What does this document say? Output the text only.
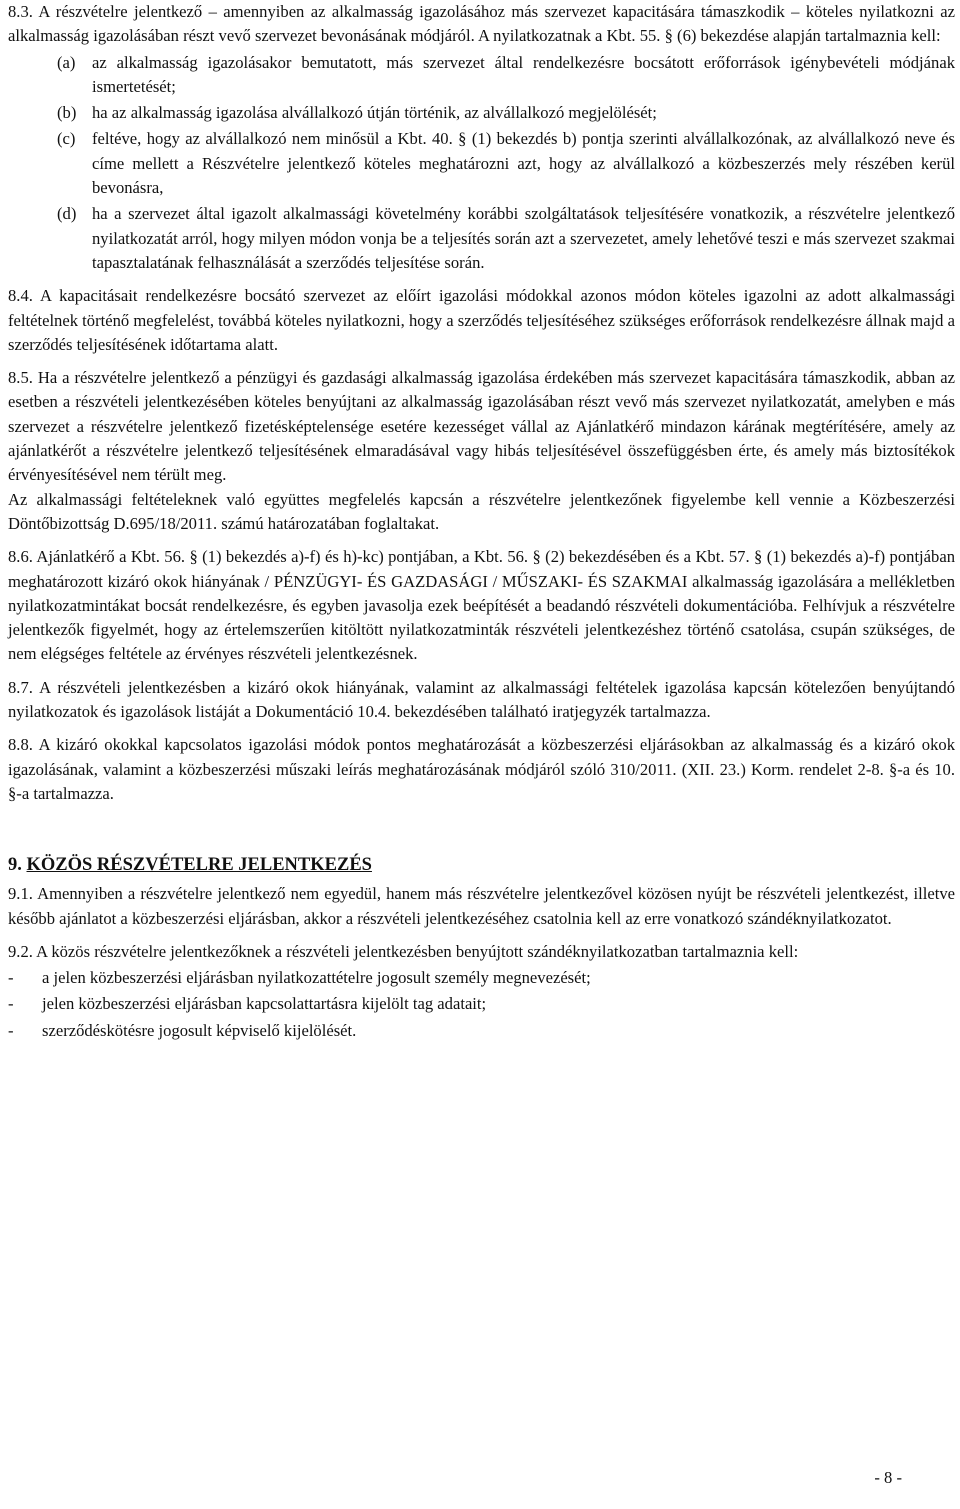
8.3. A részvételre jelentkező – amennyiben az alkalmasság igazolásához más szervezet kapacitására támaszkodik – köteles nyilatkozni az alkalmasság igazolásában részt vevő szervezet bevonásának módjáról. A nyilatkozatnak a Kbt. 55. § (6) bekezdése alapján tartalmaznia kell:

(a) az alkalmasság igazolásakor bemutatott, más szervezet által rendelkezésre bocsátott erőforrások igénybevételi módjának ismertetését;
(b) ha az alkalmasság igazolása alvállalkozó útján történik, az alvállalkozó megjelölését;
(c) feltéve, hogy az alvállalkozó nem minősül a Kbt. 40. § (1) bekezdés b) pontja szerinti alvállalkozónak, az alvállalkozó neve és címe mellett a Részvételre jelentkező köteles meghatározni azt, hogy az alvállalkozó a közbeszerzés mely részében kerül bevonásra,
(d) ha a szervezet által igazolt alkalmassági követelmény korábbi szolgáltatások teljesítésére vonatkozik, a részvételre jelentkező nyilatkozatát arról, hogy milyen módon vonja be a teljesítés során azt a szervezetet, amely lehetővé teszi e más szervezet szakmai tapasztalatának felhasználását a szerződés teljesítése során.

8.4. A kapacitásait rendelkezésre bocsátó szervezet az előírt igazolási módokkal azonos módon köteles igazolni az adott alkalmassági feltételnek történő megfelelést, továbbá köteles nyilatkozni, hogy a szerződés teljesítéséhez szükséges erőforrások rendelkezésre állnak majd a szerződés teljesítésének időtartama alatt.

8.5. Ha a részvételre jelentkező a pénzügyi és gazdasági alkalmasság igazolása érdekében más szervezet kapacitására támaszkodik, abban az esetben a részvételi jelentkezésében köteles benyújtani az alkalmasság igazolásában részt vevő más szervezet nyilatkozatát, amelyben e más szervezet a részvételre jelentkező fizetésképtelensége esetére kezességet vállal az Ajánlatkérő mindazon kárának megtérítésére, amely az ajánlatkérőt a részvételre jelentkező teljesítésének elmaradásával vagy hibás teljesítésével összefüggésben érte, és amely más biztosítékok érvényesítésével nem térült meg.

Az alkalmassági feltételeknek való együttes megfelelés kapcsán a részvételre jelentkezőnek figyelembe kell vennie a Közbeszerzési Döntőbizottság D.695/18/2011. számú határozatában foglaltakat.

8.6. Ajánlatkérő a Kbt. 56. § (1) bekezdés a)-f) és h)-kc) pontjában, a Kbt. 56. § (2) bekezdésében és a Kbt. 57. § (1) bekezdés a)-f) pontjában meghatározott kizáró okok hiányának / PÉNZÜGYI- ÉS GAZDASÁGI / MŰSZAKI- ÉS SZAKMAI alkalmasság igazolására a mellékletben nyilatkozatmintákat bocsát rendelkezésre, és egyben javasolja ezek beépítését a beadandó részvételi dokumentációba. Felhívjuk a részvételre jelentkezők figyelmét, hogy az értelemszerűen kitöltött nyilatkozatminták részvételi jelentkezéshez történő csatolása, csupán szükséges, de nem elégséges feltétele az érvényes részvételi jelentkezésnek.

8.7. A részvételi jelentkezésben a kizáró okok hiányának, valamint az alkalmassági feltételek igazolása kapcsán kötelezően benyújtandó nyilatkozatok és igazolások listáját a Dokumentáció 10.4. bekezdésében található iratjegyzék tartalmazza.

8.8. A kizáró okokkal kapcsolatos igazolási módok pontos meghatározását a közbeszerzési eljárásokban az alkalmasság és a kizáró okok igazolásának, valamint a közbeszerzési műszaki leírás meghatározásának módjáról szóló 310/2011. (XII. 23.) Korm. rendelet 2-8. §-a és 10. §-a tartalmazza.

9. KÖZÖS RÉSZVÉTELRE JELENTKEZÉS

9.1. Amennyiben a részvételre jelentkező nem egyedül, hanem más részvételre jelentkezővel közösen nyújt be részvételi jelentkezést, illetve később ajánlatot a közbeszerzési eljárásban, akkor a részvételi jelentkezéséhez csatolnia kell az erre vonatkozó szándéknyilatkozatot.

9.2. A közös részvételre jelentkezőknek a részvételi jelentkezésben benyújtott szándéknyilatkozatban tartalmaznia kell:

-	a jelen közbeszerzési eljárásban nyilatkozattételre jogosult személy megnevezését;
-	jelen közbeszerzési eljárásban kapcsolattartásra kijelölt tag adatait;
-	szerződéskötésre jogosult képviselő kijelölését.
- 8 -
